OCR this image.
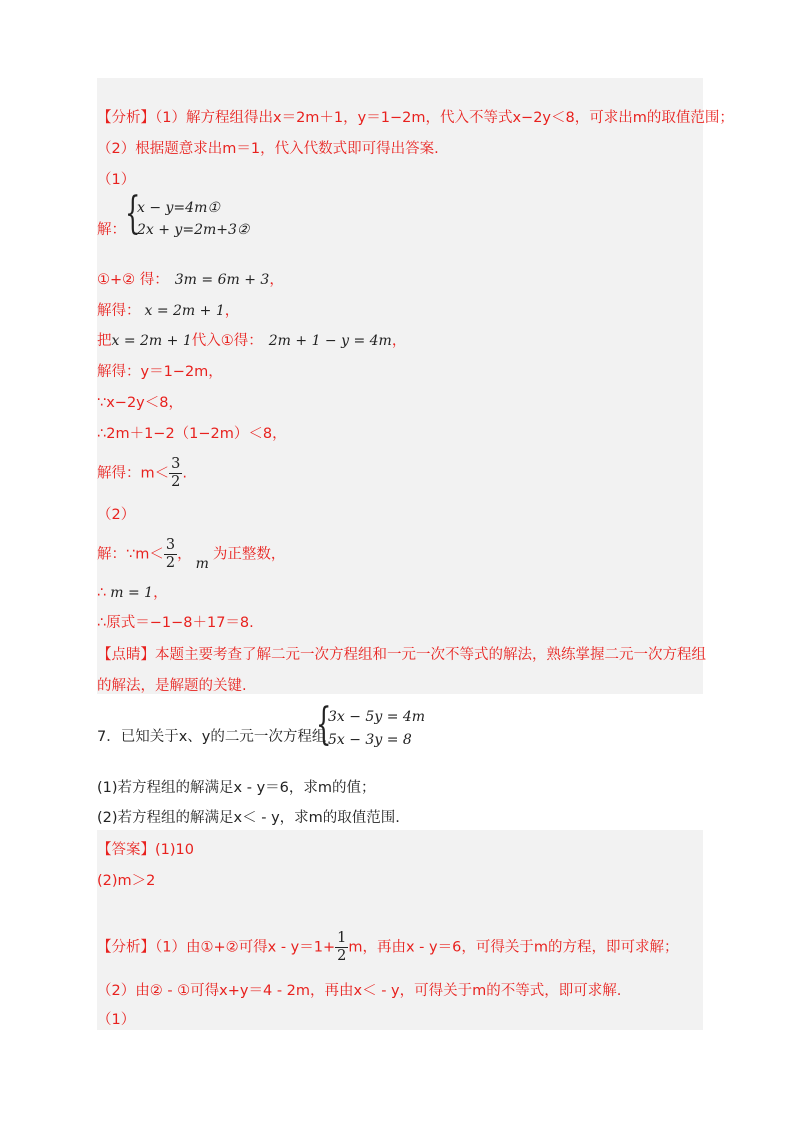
【分析】（1）解方程组得出x＝2m＋1，y＝1−2m，代入不等式x−2y＜8，可求出m的取值范围；
（2）根据题意求出m＝1，代入代数式即可得出答案.
（1）
解： {
x − y=4m①
2x + y=2m+3②
①+② 得： 3m = 6m + 3，
解得： x = 2m + 1，
把x = 2m + 1代入①得： 2m + 1 − y = 4m，
解得：y＝1−2m，
∵x−2y＜8，
∴2m＋1−2（1−2m）＜8，
解得：$m< \frac{3}{2}$ .
（2）
解：∵m＜ $\frac{3}{2}$ ，m为正整数，
∴ m = 1，
∴原式＝−1−8＋17＝8.
【点睛】本题主要考查了解二元一次方程组和一元一次不等式的解法，熟练掌握二元一次方程组
的解法，是解题的关键.
7．已知关于x、y的二元一次方程组
{
3x − 5y = 4m
5x − 3y = 8
(1)若方程组的解满足x - y＝6，求m的值；
(2)若方程组的解满足x＜ - y，求m的取值范围.
【答案】(1)10
(2)m＞2
【分析】（1）由①+②可得$x - y=1+ \frac{1}{2}$ m，再由x - y＝6，可得关于m的方程，即可求解；
（2）由② - ①可得x+y＝4 - 2m，再由x＜ - y，可得关于m的不等式，即可求解.
（1）
